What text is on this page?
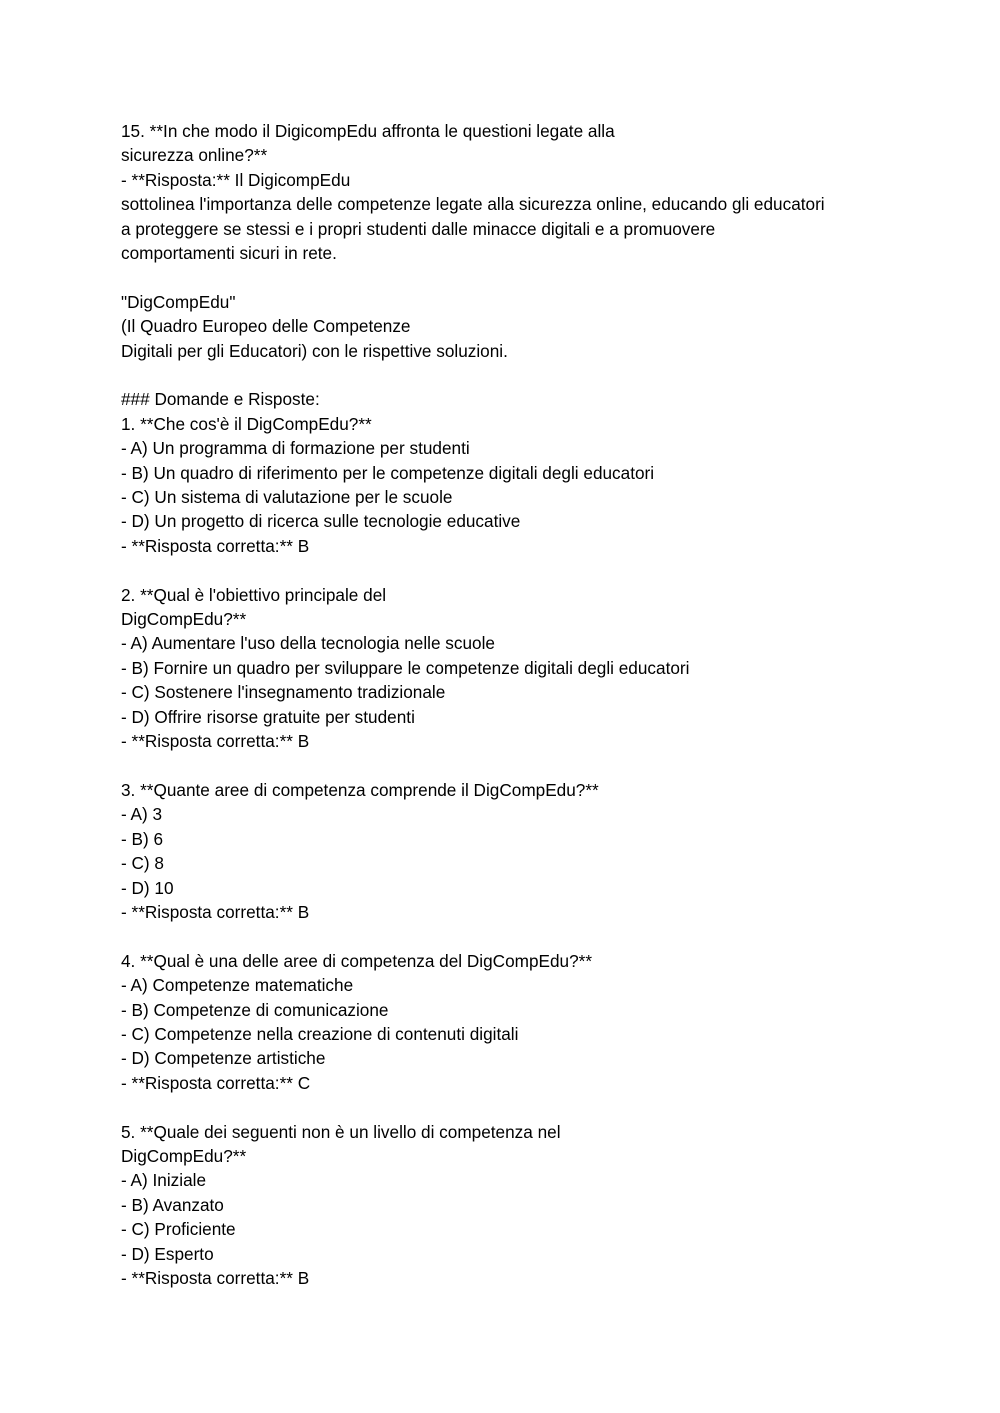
15. **In che modo il DigicompEdu affronta le questioni legate alla
sicurezza online?**
- **Risposta:** Il DigicompEdu
sottolinea l'importanza delle competenze legate alla sicurezza online, educando gli educatori
a proteggere se stessi e i propri studenti dalle minacce digitali e a promuovere
comportamenti sicuri in rete.
"DigCompEdu"
(Il Quadro Europeo delle Competenze
Digitali per gli Educatori) con le rispettive soluzioni.
### Domande e Risposte:
1. **Che cos'è il DigCompEdu?**
- A) Un programma di formazione per studenti
- B) Un quadro di riferimento per le competenze digitali degli educatori
- C) Un sistema di valutazione per le scuole
- D) Un progetto di ricerca sulle tecnologie educative
- **Risposta corretta:** B
2. **Qual è l'obiettivo principale del
DigCompEdu?**
- A) Aumentare l'uso della tecnologia nelle scuole
- B) Fornire un quadro per sviluppare le competenze digitali degli educatori
- C) Sostenere l'insegnamento tradizionale
- D) Offrire risorse gratuite per studenti
- **Risposta corretta:** B
3. **Quante aree di competenza comprende il DigCompEdu?**
- A) 3
- B) 6
- C) 8
- D) 10
- **Risposta corretta:** B
4. **Qual è una delle aree di competenza del DigCompEdu?**
- A) Competenze matematiche
- B) Competenze di comunicazione
- C) Competenze nella creazione di contenuti digitali
- D) Competenze artistiche
- **Risposta corretta:** C
5. **Quale dei seguenti non è un livello di competenza nel
DigCompEdu?**
- A) Iniziale
- B) Avanzato
- C) Proficiente
- D) Esperto
- **Risposta corretta:** B
